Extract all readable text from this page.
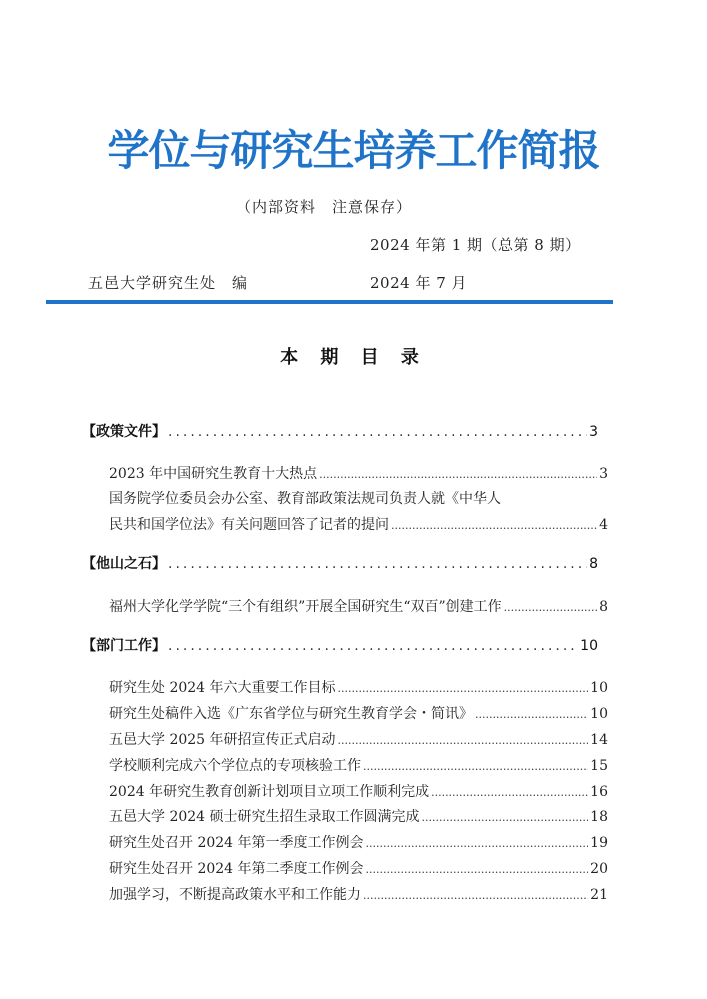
学位与研究生培养工作简报
（内部资料　注意保存）
2024 年第 1 期（总第 8 期）
五邑大学研究生处　编	2024 年 7 月
本 期 目 录
【政策文件】 .....	3
2023 年中国研究生教育十大热点 .....	3
国务院学位委员会办公室、教育部政策法规司负责人就《中华人
民共和国学位法》有关问题回答了记者的提问 .....	4
【他山之石】 .....	8
福州大学化学学院“三个有组织”开展全国研究生“双百”创建工作 .....	8
【部门工作】 .....	10
研究生处 2024 年六大重要工作目标 .....	10
研究生处稿件入选《广东省学位与研究生教育学会・简讯》 .....	10
五邑大学 2025 年研招宣传正式启动 .....	14
学校顺利完成六个学位点的专项核验工作 .....	15
2024 年研究生教育创新计划项目立项工作顺利完成 .....	16
五邑大学 2024 硕士研究生招生录取工作圆满完成 .....	18
研究生处召开 2024 年第一季度工作例会 .....	19
研究生处召开 2024 年第二季度工作例会 .....	20
加强学习，不断提高政策水平和工作能力 .....	21
